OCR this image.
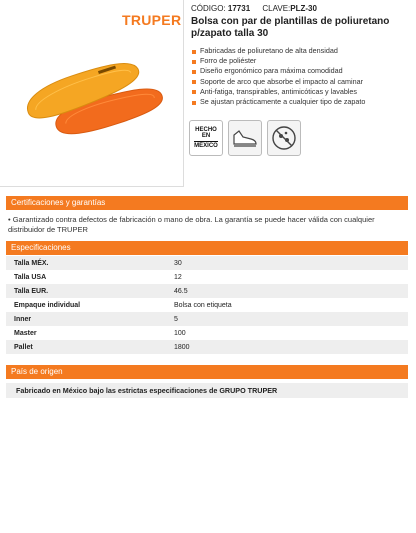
TRUPER
CÓDIGO: 17731 CLAVE:PLZ-30
Bolsa con par de plantillas de poliuretano p/zapato talla 30
Fabricadas de poliuretano de alta densidad
Forro de poliéster
Diseño ergonómico para máxima comodidad
Soporte de arco que absorbe el impacto al caminar
Anti-fatiga, transpirables, antimicóticas y lavables
Se ajustan prácticamente a cualquier tipo de zapato
HECHO
EN
MÉXICO
Certificaciones y garantías
• Garantizado contra defectos de fabricación o mano de obra. La garantía se puede hacer válida con cualquier distribuidor de TRUPER
Especificaciones
Talla MÉX.	30
Talla USA	12
Talla EUR.	46.5
Empaque individual	Bolsa con etiqueta
Inner	5
Master	100
Pallet	1800
País de origen
Fabricado en México bajo las estrictas especificaciones de GRUPO TRUPER
